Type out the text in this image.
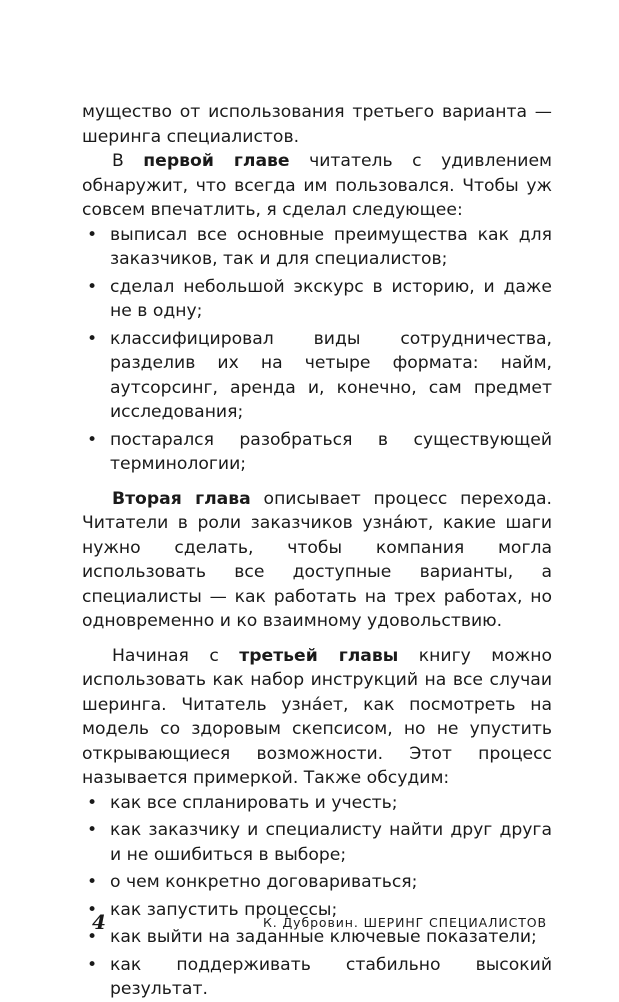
мущество от использования третьего варианта — шеринга специалистов.

В первой главе читатель с удивлением обнаружит, что всегда им пользовался. Чтобы уж совсем впечатлить, я сделал следующее:

• выписал все основные преимущества как для заказчиков, так и для специалистов;
• сделал небольшой экскурс в историю, и даже не в одну;
• классифицировал виды сотрудничества, разделив их на четыре формата: найм, аутсорсинг, аренда и, конечно, сам предмет исследования;
• постарался разобраться в существующей терминологии;

Вторая глава описывает процесс перехода. Читатели в роли заказчиков узна́ют, какие шаги нужно сделать, чтобы компания могла использовать все доступные варианты, а специалисты — как работать на трех работах, но одновременно и ко взаимному удовольствию.

Начиная с третьей главы книгу можно использовать как набор инструкций на все случаи шеринга. Читатель узна́ет, как посмотреть на модель со здоровым скепсисом, но не упустить открывающиеся возможности. Этот процесс называется примеркой. Также обсудим:

• как все спланировать и учесть;
• как заказчику и специалисту найти друг друга и не ошибиться в выборе;
• о чем конкретно договариваться;
• как запустить процессы;
• как выйти на заданные ключевые показатели;
• как поддерживать стабильно высокий результат.
4	К. Дубровин. ШЕРИНГ СПЕЦИАЛИСТОВ
